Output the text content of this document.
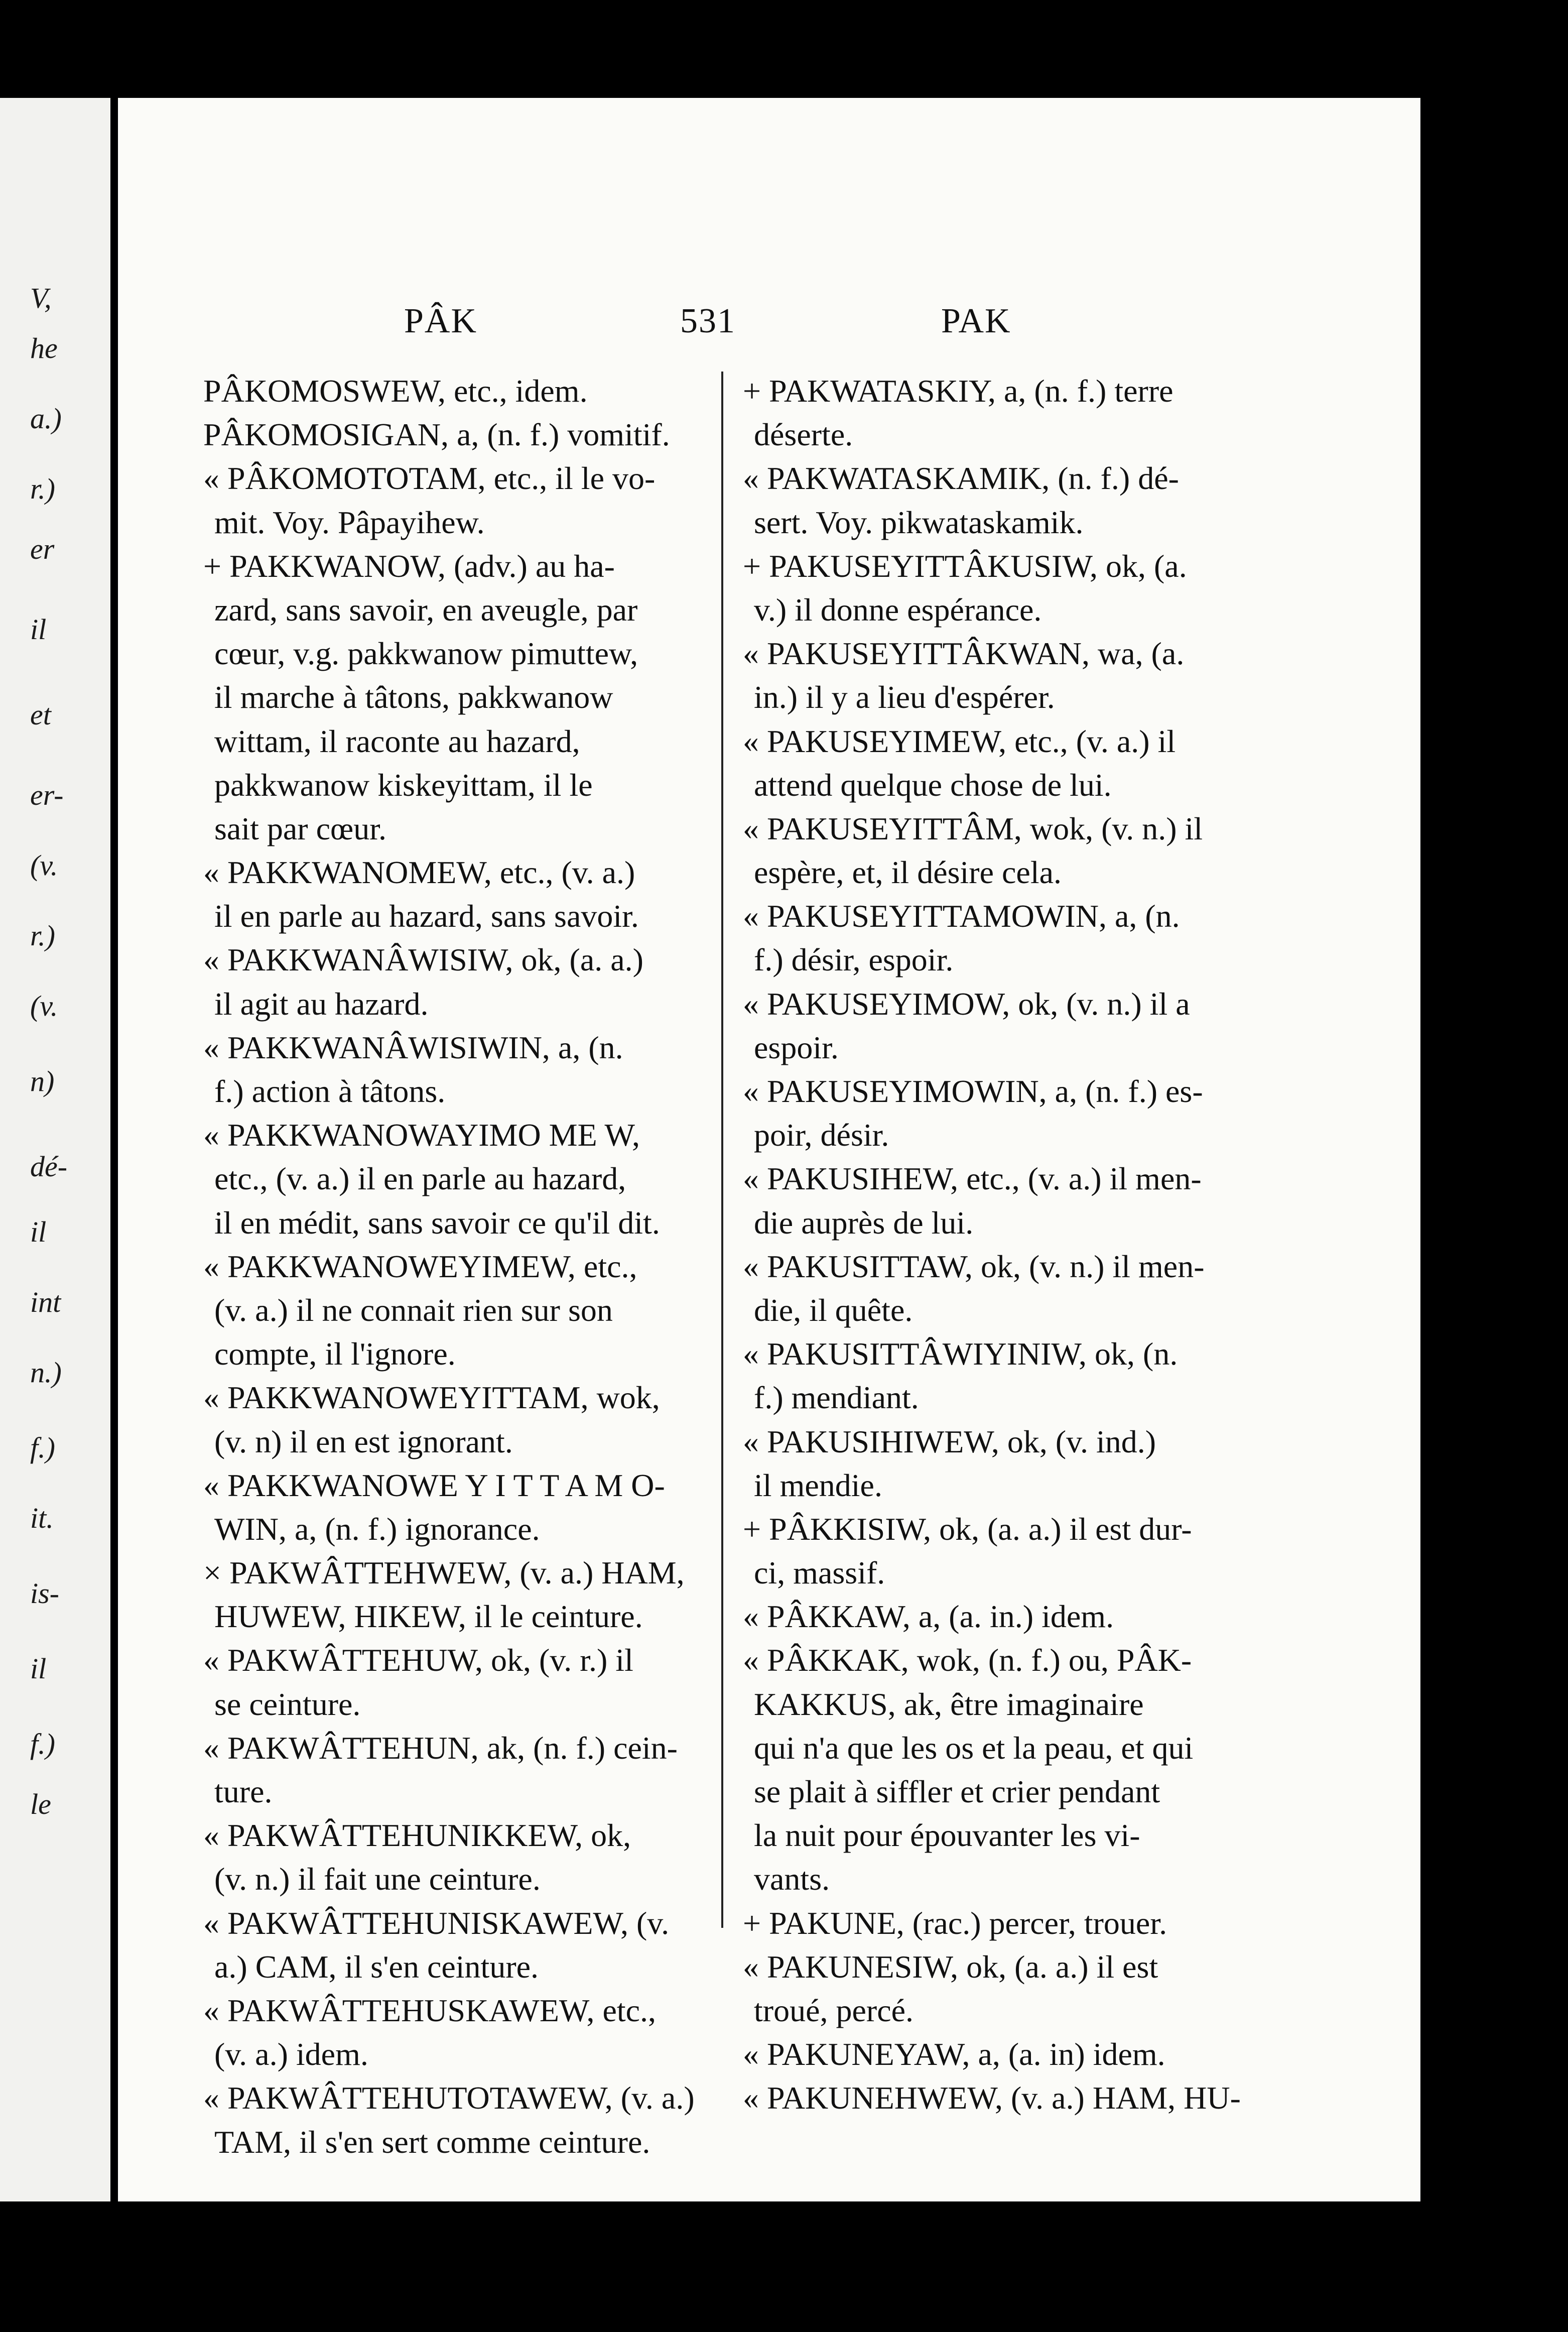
V,
he
a.)
r.)
er
il
et
er-
(v.
r.)
(v.
n)
dé-
il
int
n.)
f.)
it.
is-
il
f.)
le
PÂK	531	PAK
PÂKOMOSWEW, etc., idem.
PÂKOMOSIGAN, a, (n. f.) vomitif.
« PÂKOMOTOTAM, etc., il le vo-
mit. Voy. Pâpayihew.
+ PAKKWANOW, (adv.) au ha-
zard, sans savoir, en aveugle, par
cœur, v.g. pakkwanow pimuttew,
il marche à tâtons, pakkwanow
wittam, il raconte au hazard,
pakkwanow kiskeyittam, il le
sait par cœur.
« PAKKWANOMEW, etc., (v. a.)
il en parle au hazard, sans savoir.
« PAKKWANÂWISIW, ok, (a. a.)
il agit au hazard.
« PAKKWANÂWISIWIN, a, (n.
f.) action à tâtons.
« PAKKWANOWAYIMO ME W,
etc., (v. a.) il en parle au hazard,
il en médit, sans savoir ce qu'il dit.
« PAKKWANOWEYIMEW, etc.,
(v. a.) il ne connait rien sur son
compte, il l'ignore.
« PAKKWANOWEYITTAM, wok,
(v. n) il en est ignorant.
« PAKKWANOWE Y I T T A M O-
WIN, a, (n. f.) ignorance.
× PAKWÂTTEHWEW, (v. a.) HAM,
HUWEW, HIKEW, il le ceinture.
« PAKWÂTTEHUW, ok, (v. r.) il
se ceinture.
« PAKWÂTTEHUN, ak, (n. f.) cein-
ture.
« PAKWÂTTEHUNIKKEW, ok,
(v. n.) il fait une ceinture.
« PAKWÂTTEHUNISKAWEW, (v.
a.) CAM, il s'en ceinture.
« PAKWÂTTEHUSKAWEW, etc.,
(v. a.) idem.
« PAKWÂTTEHUTOTAWEW, (v. a.)
TAM, il s'en sert comme ceinture.
+ PAKWATASKIY, a, (n. f.) terre
déserte.
« PAKWATASKAMIK, (n. f.) dé-
sert. Voy. pikwataskamik.
+ PAKUSEYITTÂKUSIW, ok, (a.
v.) il donne espérance.
« PAKUSEYITTÂKWAN, wa, (a.
in.) il y a lieu d'espérer.
« PAKUSEYIMEW, etc., (v. a.) il
attend quelque chose de lui.
« PAKUSEYITTÂM, wok, (v. n.) il
espère, et, il désire cela.
« PAKUSEYITTAMOWIN, a, (n.
f.) désir, espoir.
« PAKUSEYIMOW, ok, (v. n.) il a
espoir.
« PAKUSEYIMOWIN, a, (n. f.) es-
poir, désir.
« PAKUSIHEW, etc., (v. a.) il men-
die auprès de lui.
« PAKUSITTAW, ok, (v. n.) il men-
die, il quête.
« PAKUSITTÂWIYINIW, ok, (n.
f.) mendiant.
« PAKUSIHIWEW, ok, (v. ind.)
il mendie.
+ PÂKKISIW, ok, (a. a.) il est dur-
ci, massif.
« PÂKKAW, a, (a. in.) idem.
« PÂKKAK, wok, (n. f.) ou, PÂK-
KAKKUS, ak, être imaginaire
qui n'a que les os et la peau, et qui
se plait à siffler et crier pendant
la nuit pour épouvanter les vi-
vants.
+ PAKUNE, (rac.) percer, trouer.
« PAKUNESIW, ok, (a. a.) il est
troué, percé.
« PAKUNEYAW, a, (a. in) idem.
« PAKUNEHWEW, (v. a.) HAM, HU-
